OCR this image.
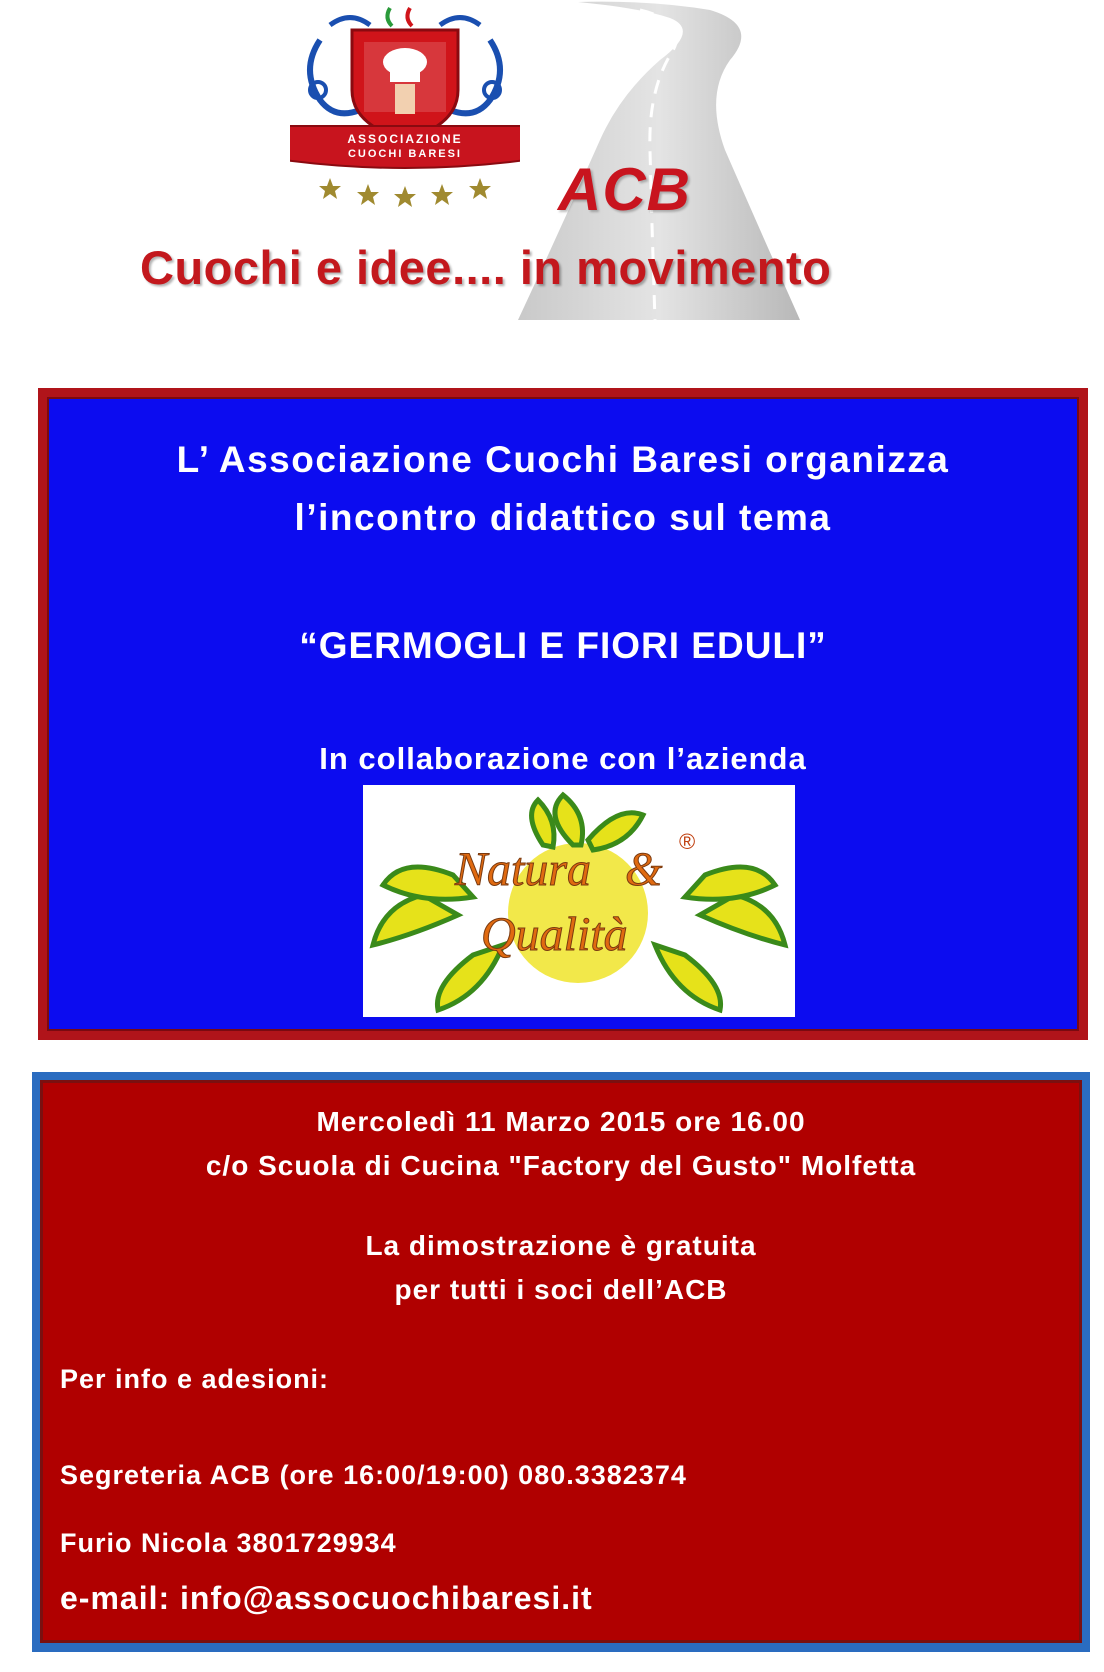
ASSOCIAZIONE
CUOCHI BARESI
ACB
Cuochi e idee.... in movimento
L’ Associazione Cuochi Baresi organizza
l’incontro didattico sul tema
“GERMOGLI E FIORI EDULI”
In collaborazione con l’azienda
Natura &
®
Qualità
Mercoledì 11 Marzo 2015 ore 16.00
c/o Scuola di Cucina "Factory del Gusto" Molfetta
La dimostrazione è gratuita
per tutti i soci dell’ACB
Per info e adesioni:
Segreteria ACB (ore 16:00/19:00) 080.3382374
Furio Nicola 3801729934
e-mail: info@assocuochibaresi.it
